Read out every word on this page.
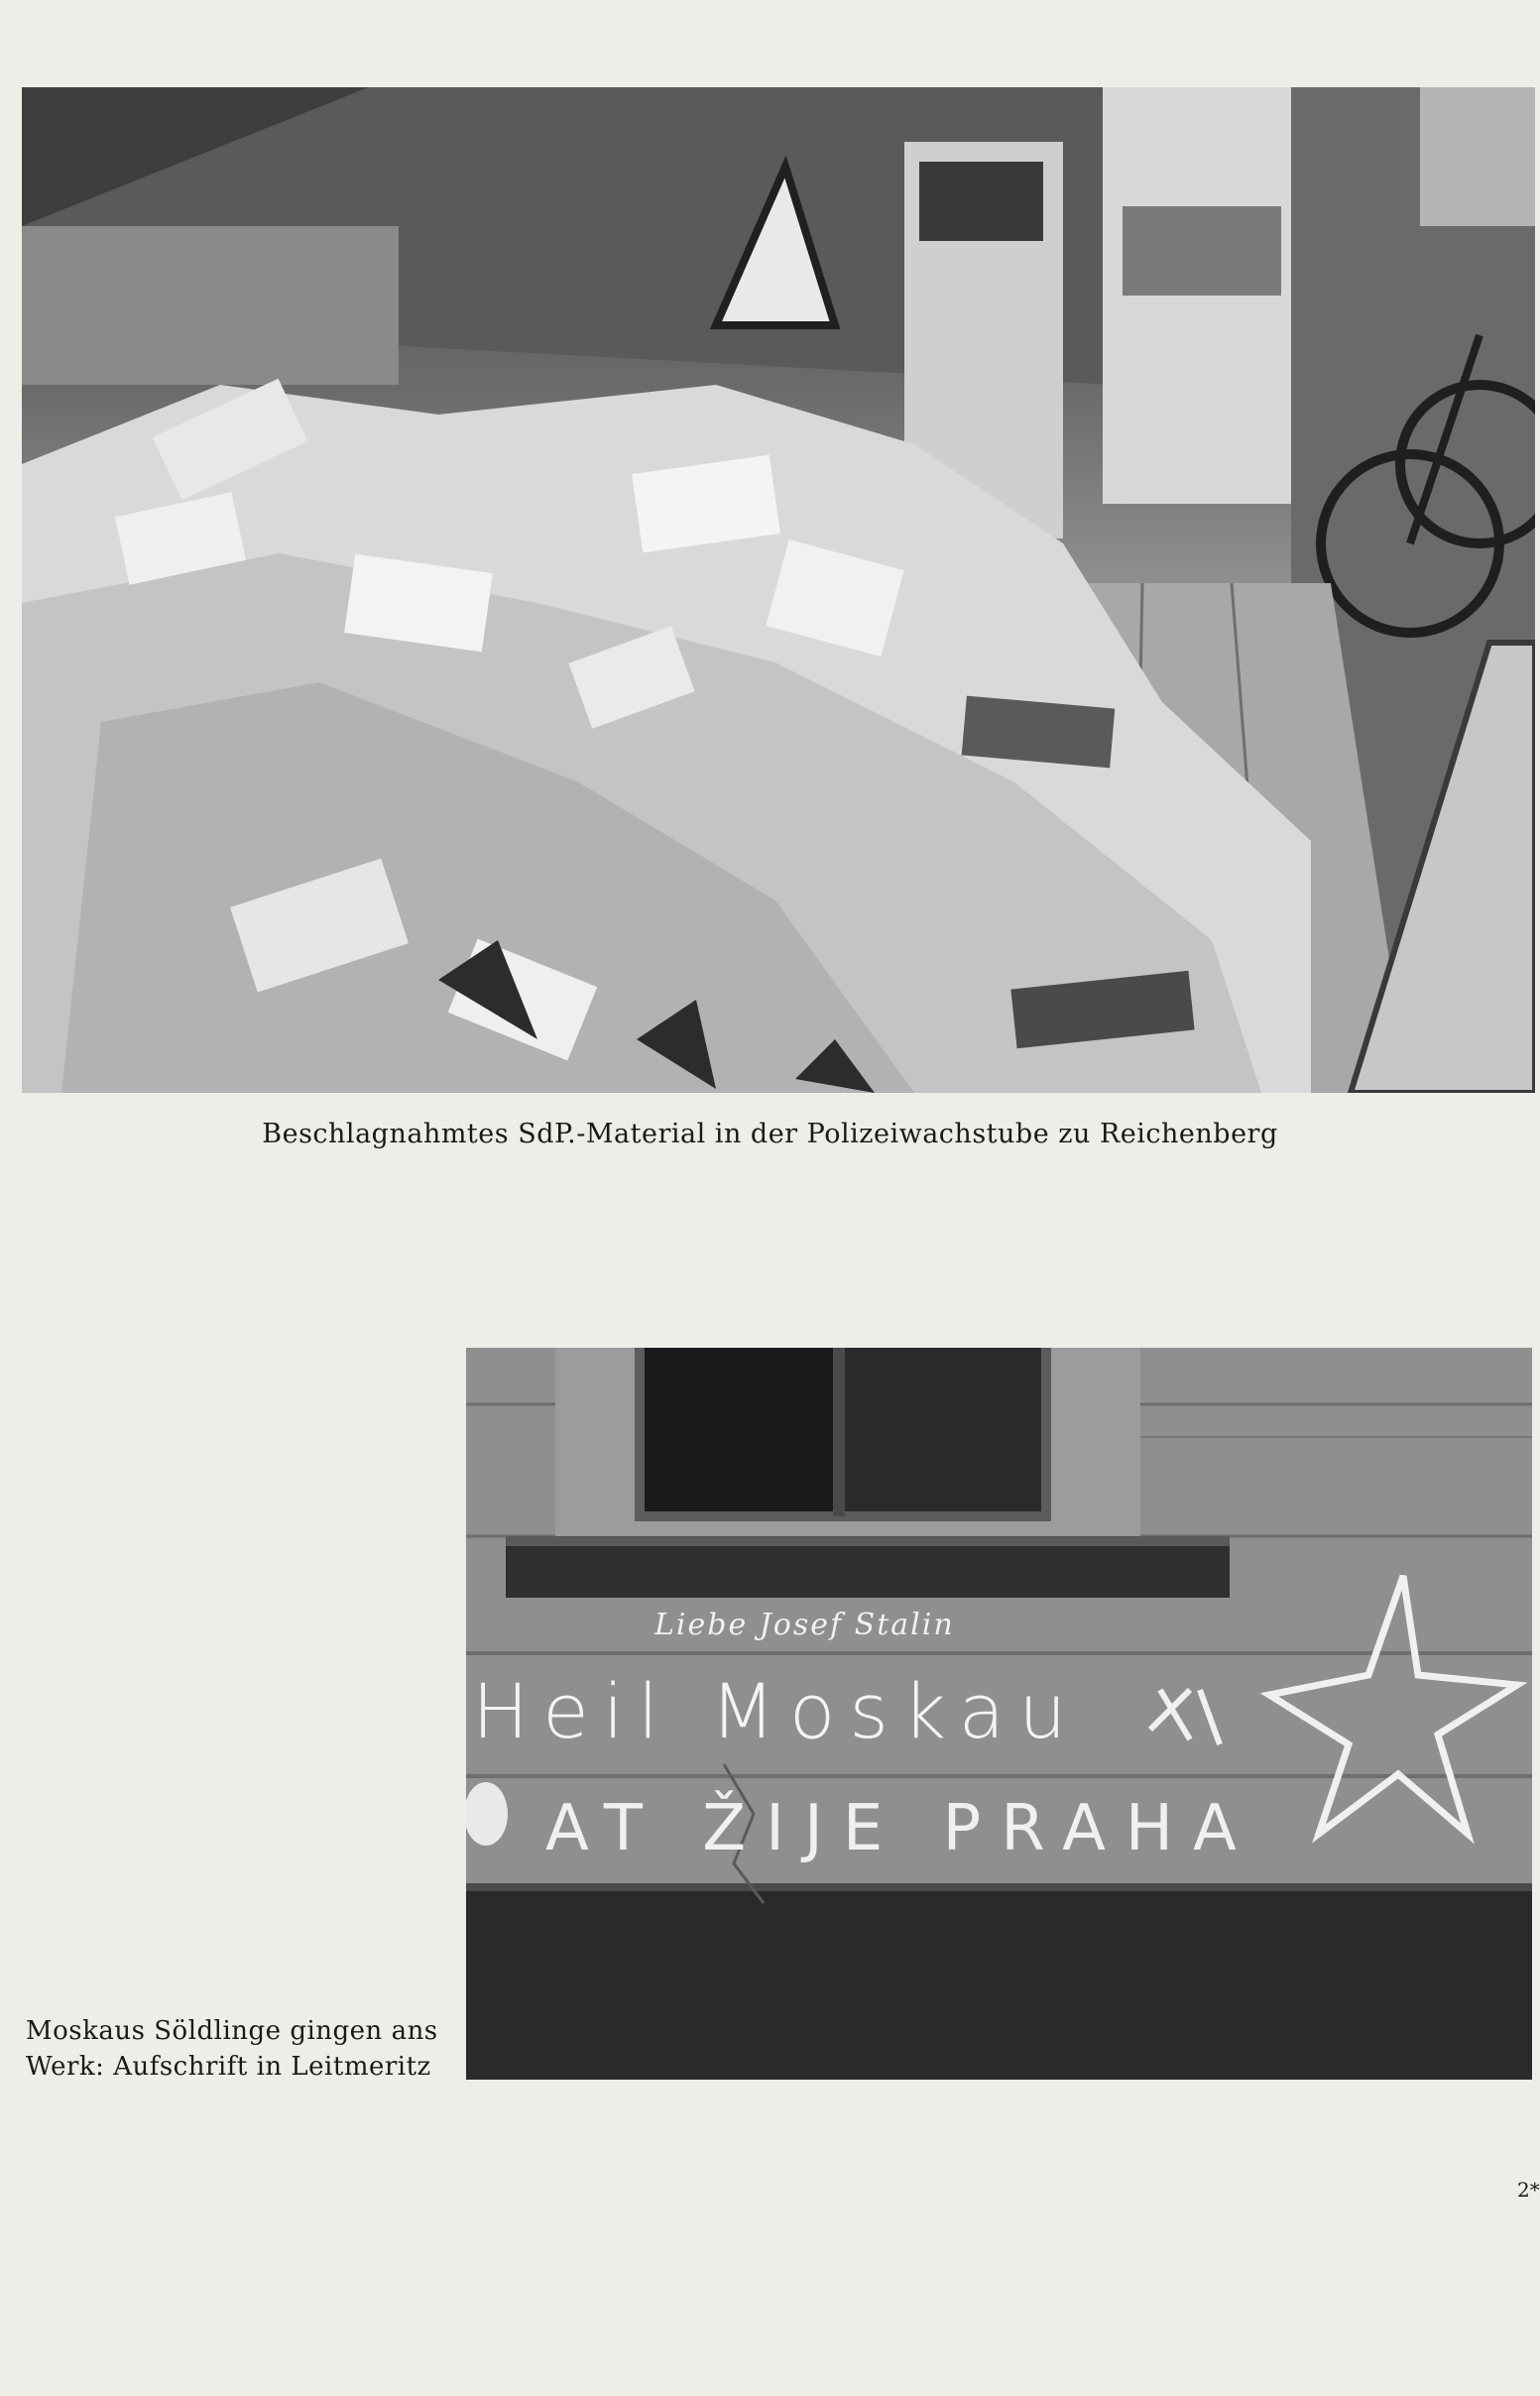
Beschlagnahmtes SdP.-Material in der Polizeiwachstube zu Reichenberg
Liebe Josef Stalin
Heil Moskau
AT ŽIJE PRAHA
Moskaus Söldlinge gingen ans
Werk: Aufschrift in Leitmeritz
2*
